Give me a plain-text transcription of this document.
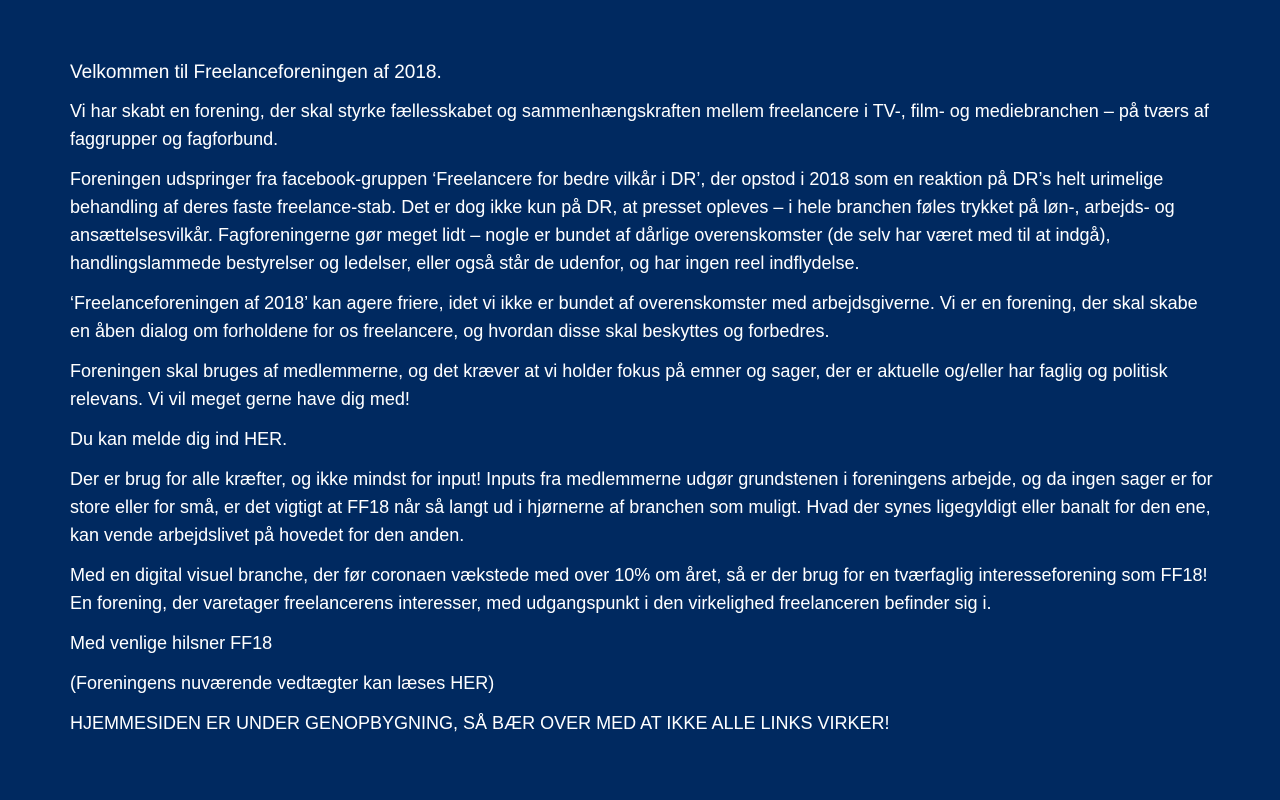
Velkommen til Freelanceforeningen af 2018.

Vi har skabt en forening, der skal styrke fællesskabet og sammenhængskraften mellem freelancere i TV-, film- og mediebranchen – på tværs af faggrupper og fagforbund.

Foreningen udspringer fra facebook-gruppen ‘Freelancere for bedre vilkår i DR’, der opstod i 2018 som en reaktion på DR’s helt urimelige behandling af deres faste freelance-stab. Det er dog ikke kun på DR, at presset opleves – i hele branchen føles trykket på løn-, arbejds- og ansættelsesvilkår. Fagforeningerne gør meget lidt – nogle er bundet af dårlige overenskomster (de selv har været med til at indgå), handlingslammede bestyrelser og ledelser, eller også står de udenfor, og har ingen reel indflydelse.

‘Freelanceforeningen af 2018’ kan agere friere, idet vi ikke er bundet af overenskomster med arbejdsgiverne. Vi er en forening, der skal skabe en åben dialog om forholdene for os freelancere, og hvordan disse skal beskyttes og forbedres.

Foreningen skal bruges af medlemmerne, og det kræver at vi holder fokus på emner og sager, der er aktuelle og/eller har faglig og politisk relevans. Vi vil meget gerne have dig med!

Du kan melde dig ind HER.

Der er brug for alle kræfter, og ikke mindst for input! Inputs fra medlemmerne udgør grundstenen i foreningens arbejde, og da ingen sager er for store eller for små, er det vigtigt at FF18 når så langt ud i hjørnerne af branchen som muligt. Hvad der synes ligegyldigt eller banalt for den ene, kan vende arbejdslivet på hovedet for den anden.

Med en digital visuel branche, der før coronaen vækstede med over 10% om året, så er der brug for en tværfaglig interesseforening som FF18! En forening, der varetager freelancerens interesser, med udgangspunkt i den virkelighed freelanceren befinder sig i.

Med venlige hilsner FF18

(Foreningens nuværende vedtægter kan læses HER)

HJEMMESIDEN ER UNDER GENOPBYGNING, SÅ BÆR OVER MED AT IKKE ALLE LINKS VIRKER!
